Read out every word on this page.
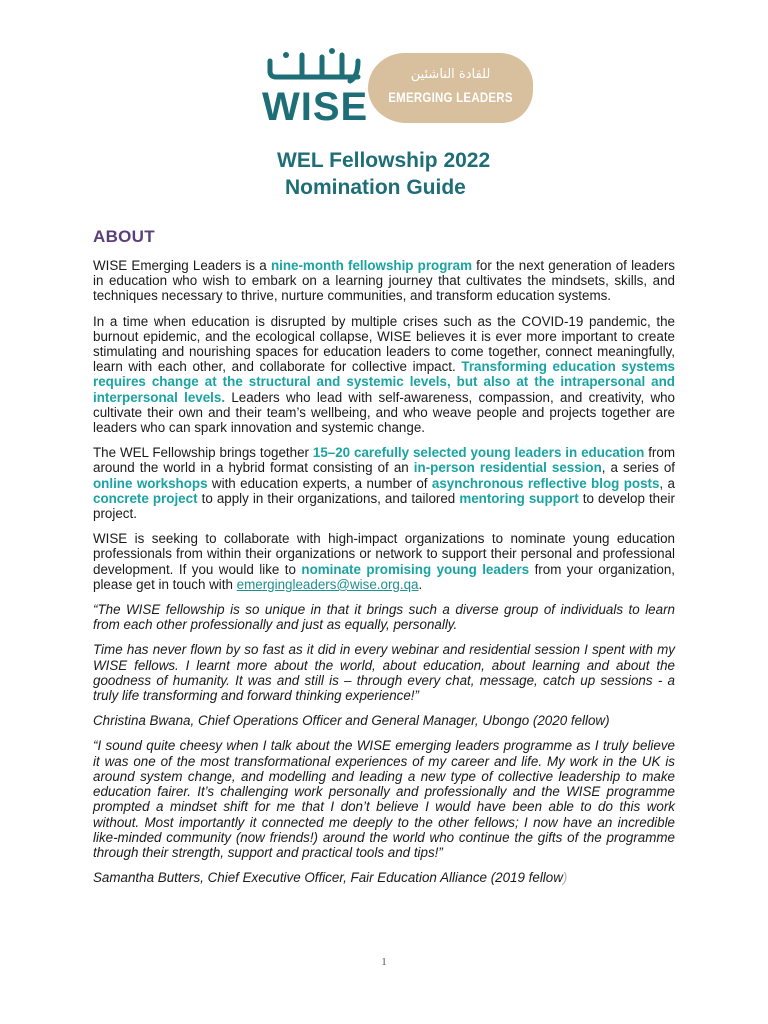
WISE
للقادة الناشئين
EMERGING LEADERS
WEL Fellowship 2022
Nomination Guide
ABOUT

WISE Emerging Leaders is a nine-month fellowship program for the next generation of leaders in education who wish to embark on a learning journey that cultivates the mindsets, skills, and techniques necessary to thrive, nurture communities, and transform education systems.

In a time when education is disrupted by multiple crises such as the COVID-19 pandemic, the burnout epidemic, and the ecological collapse, WISE believes it is ever more important to create stimulating and nourishing spaces for education leaders to come together, connect meaningfully, learn with each other, and collaborate for collective impact. Transforming education systems requires change at the structural and systemic levels, but also at the intrapersonal and interpersonal levels. Leaders who lead with self-awareness, compassion, and creativity, who cultivate their own and their team’s wellbeing, and who weave people and projects together are leaders who can spark innovation and systemic change.

The WEL Fellowship brings together 15–20 carefully selected young leaders in education from around the world in a hybrid format consisting of an in-person residential session, a series of online workshops with education experts, a number of asynchronous reflective blog posts, a concrete project to apply in their organizations, and tailored mentoring support to develop their project.

WISE is seeking to collaborate with high-impact organizations to nominate young education professionals from within their organizations or network to support their personal and professional development. If you would like to nominate promising young leaders from your organization, please get in touch with emergingleaders@wise.org.qa.

“The WISE fellowship is so unique in that it brings such a diverse group of individuals to learn from each other professionally and just as equally, personally.

Time has never flown by so fast as it did in every webinar and residential session I spent with my WISE fellows. I learnt more about the world, about education, about learning and about the goodness of humanity. It was and still is – through every chat, message, catch up sessions - a truly life transforming and forward thinking experience!”

Christina Bwana, Chief Operations Officer and General Manager, Ubongo (2020 fellow)

“I sound quite cheesy when I talk about the WISE emerging leaders programme as I truly believe it was one of the most transformational experiences of my career and life. My work in the UK is around system change, and modelling and leading a new type of collective leadership to make education fairer. It’s challenging work personally and professionally and the WISE programme prompted a mindset shift for me that I don’t believe I would have been able to do this work without. Most importantly it connected me deeply to the other fellows; I now have an incredible like-minded community (now friends!) around the world who continue the gifts of the programme through their strength, support and practical tools and tips!”

Samantha Butters, Chief Executive Officer, Fair Education Alliance (2019 fellow)

1
